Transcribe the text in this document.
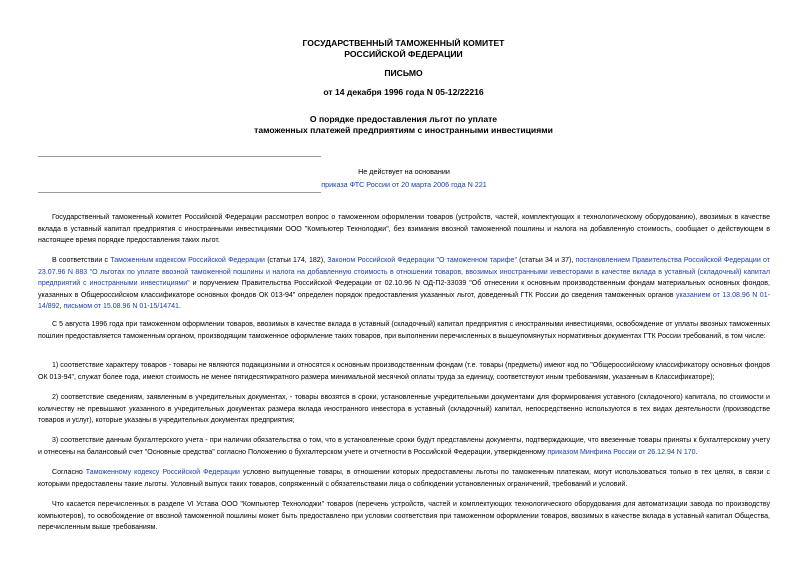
ГОСУДАРСТВЕННЫЙ ТАМОЖЕННЫЙ КОМИТЕТ
РОССИЙСКОЙ ФЕДЕРАЦИИ
ПИСЬМО
от 14 декабря 1996 года N 05-12/22216
О порядке предоставления льгот по уплате
таможенных платежей предприятиям с иностранными инвестициями
Не действует на основании
приказа ФТС России от 20 марта 2006 года N 221
Государственный таможенный комитет Российской Федерации рассмотрел вопрос о таможенном оформлении товаров (устройств, частей, комплектующих к технологическому оборудованию), ввозимых в качестве вклада в уставный капитал предприятия с иностранными инвестициями ООО "Компьютер Технолоджи", без взимания ввозной таможенной пошлины и налога на добавленную стоимость, сообщает о действующем в настоящее время порядке предоставления таких льгот.
В соответствии с Таможенным кодексом Российской Федерации (статьи 174, 182), Законом Российской Федерации "О таможенном тарифе" (статьи 34 и 37), постановлением Правительства Российской Федерации от 23.07.96 N 883 "О льготах по уплате ввозной таможенной пошлины и налога на добавленную стоимость в отношении товаров, ввозимых иностранными инвесторами в качестве вклада в уставный (складочный) капитал предприятий с иностранными инвестициями" и поручением Правительства Российской Федерации от 02.10.96 N ОД-П2-33039 "Об отнесении к основным производственным фондам материальных основных фондов, указанных в Общероссийском классификаторе основных фондов ОК 013-94" определен порядок предоставления указанных льгот, доведенный ГТК России до сведения таможенных органов указанием от 13.08.96 N 01-14/892, письмом от 15.08.96 N 01-15/14741.
С 5 августа 1996 года при таможенном оформлении товаров, ввозимых в качестве вклада в уставный (складочный) капитал предприятия с иностранными инвестициями, освобождение от уплаты ввозных таможенных пошлин предоставляется таможенным органом, производящим таможенное оформление таких товаров, при выполнении перечисленных в вышеупомянутых нормативных документах ГТК России требований, в том числе:
1) соответствие характеру товаров - товары не являются подакцизными и относятся к основным производственным фондам (т.е. товары (предметы) имеют код по "Общероссийскому классификатору основных фондов ОК 013-94", служат более года, имеют стоимость не менее пятидесятикратного размера минимальной месячной оплаты труда за единицу, соответствуют иным требованиям, указанным в Классификаторе);
2) соответствие сведениям, заявленным в учредительных документах, - товары ввозятся в сроки, установленные учредительными документами для формирования уставного (складочного) капитала, по стоимости и количеству не превышают указанного в учредительных документах размера вклада иностранного инвестора в уставный (складочный) капитал, непосредственно используются в тех видах деятельности (производстве товаров и услуг), которые указаны в учредительных документах предприятия;
3) соответствие данным бухгалтерского учета - при наличии обязательства о том, что в установленные сроки будут представлены документы, подтверждающие, что ввезенные товары приняты к бухгалтерскому учету и отнесены на балансовый счет "Основные средства" согласно Положению о бухгалтерском учете и отчетности в Российской Федерации, утвержденному приказом Минфина России от 26.12.94 N 170.
Согласно Таможенному кодексу Российской Федерации условно выпущенные товары, в отношении которых предоставлены льготы по таможенным платежам, могут использоваться только в тех целях, в связи с которыми предоставлены такие льготы. Условный выпуск таких товаров, сопряженный с обязательствами лица о соблюдении установленных ограничений, требований и условий.
Что касается перечисленных в разделе VI Устава ООО "Компьютер Технолоджи" товаров (перечень устройств, частей и комплектующих технологического оборудования для автоматизации завода по производству компьютеров), то освобождение от ввозной таможенной пошлины может быть предоставлено при условии соответствия при таможенном оформлении товаров, ввозимых в качестве вклада в уставный капитал Общества, перечисленным выше требованиям.
